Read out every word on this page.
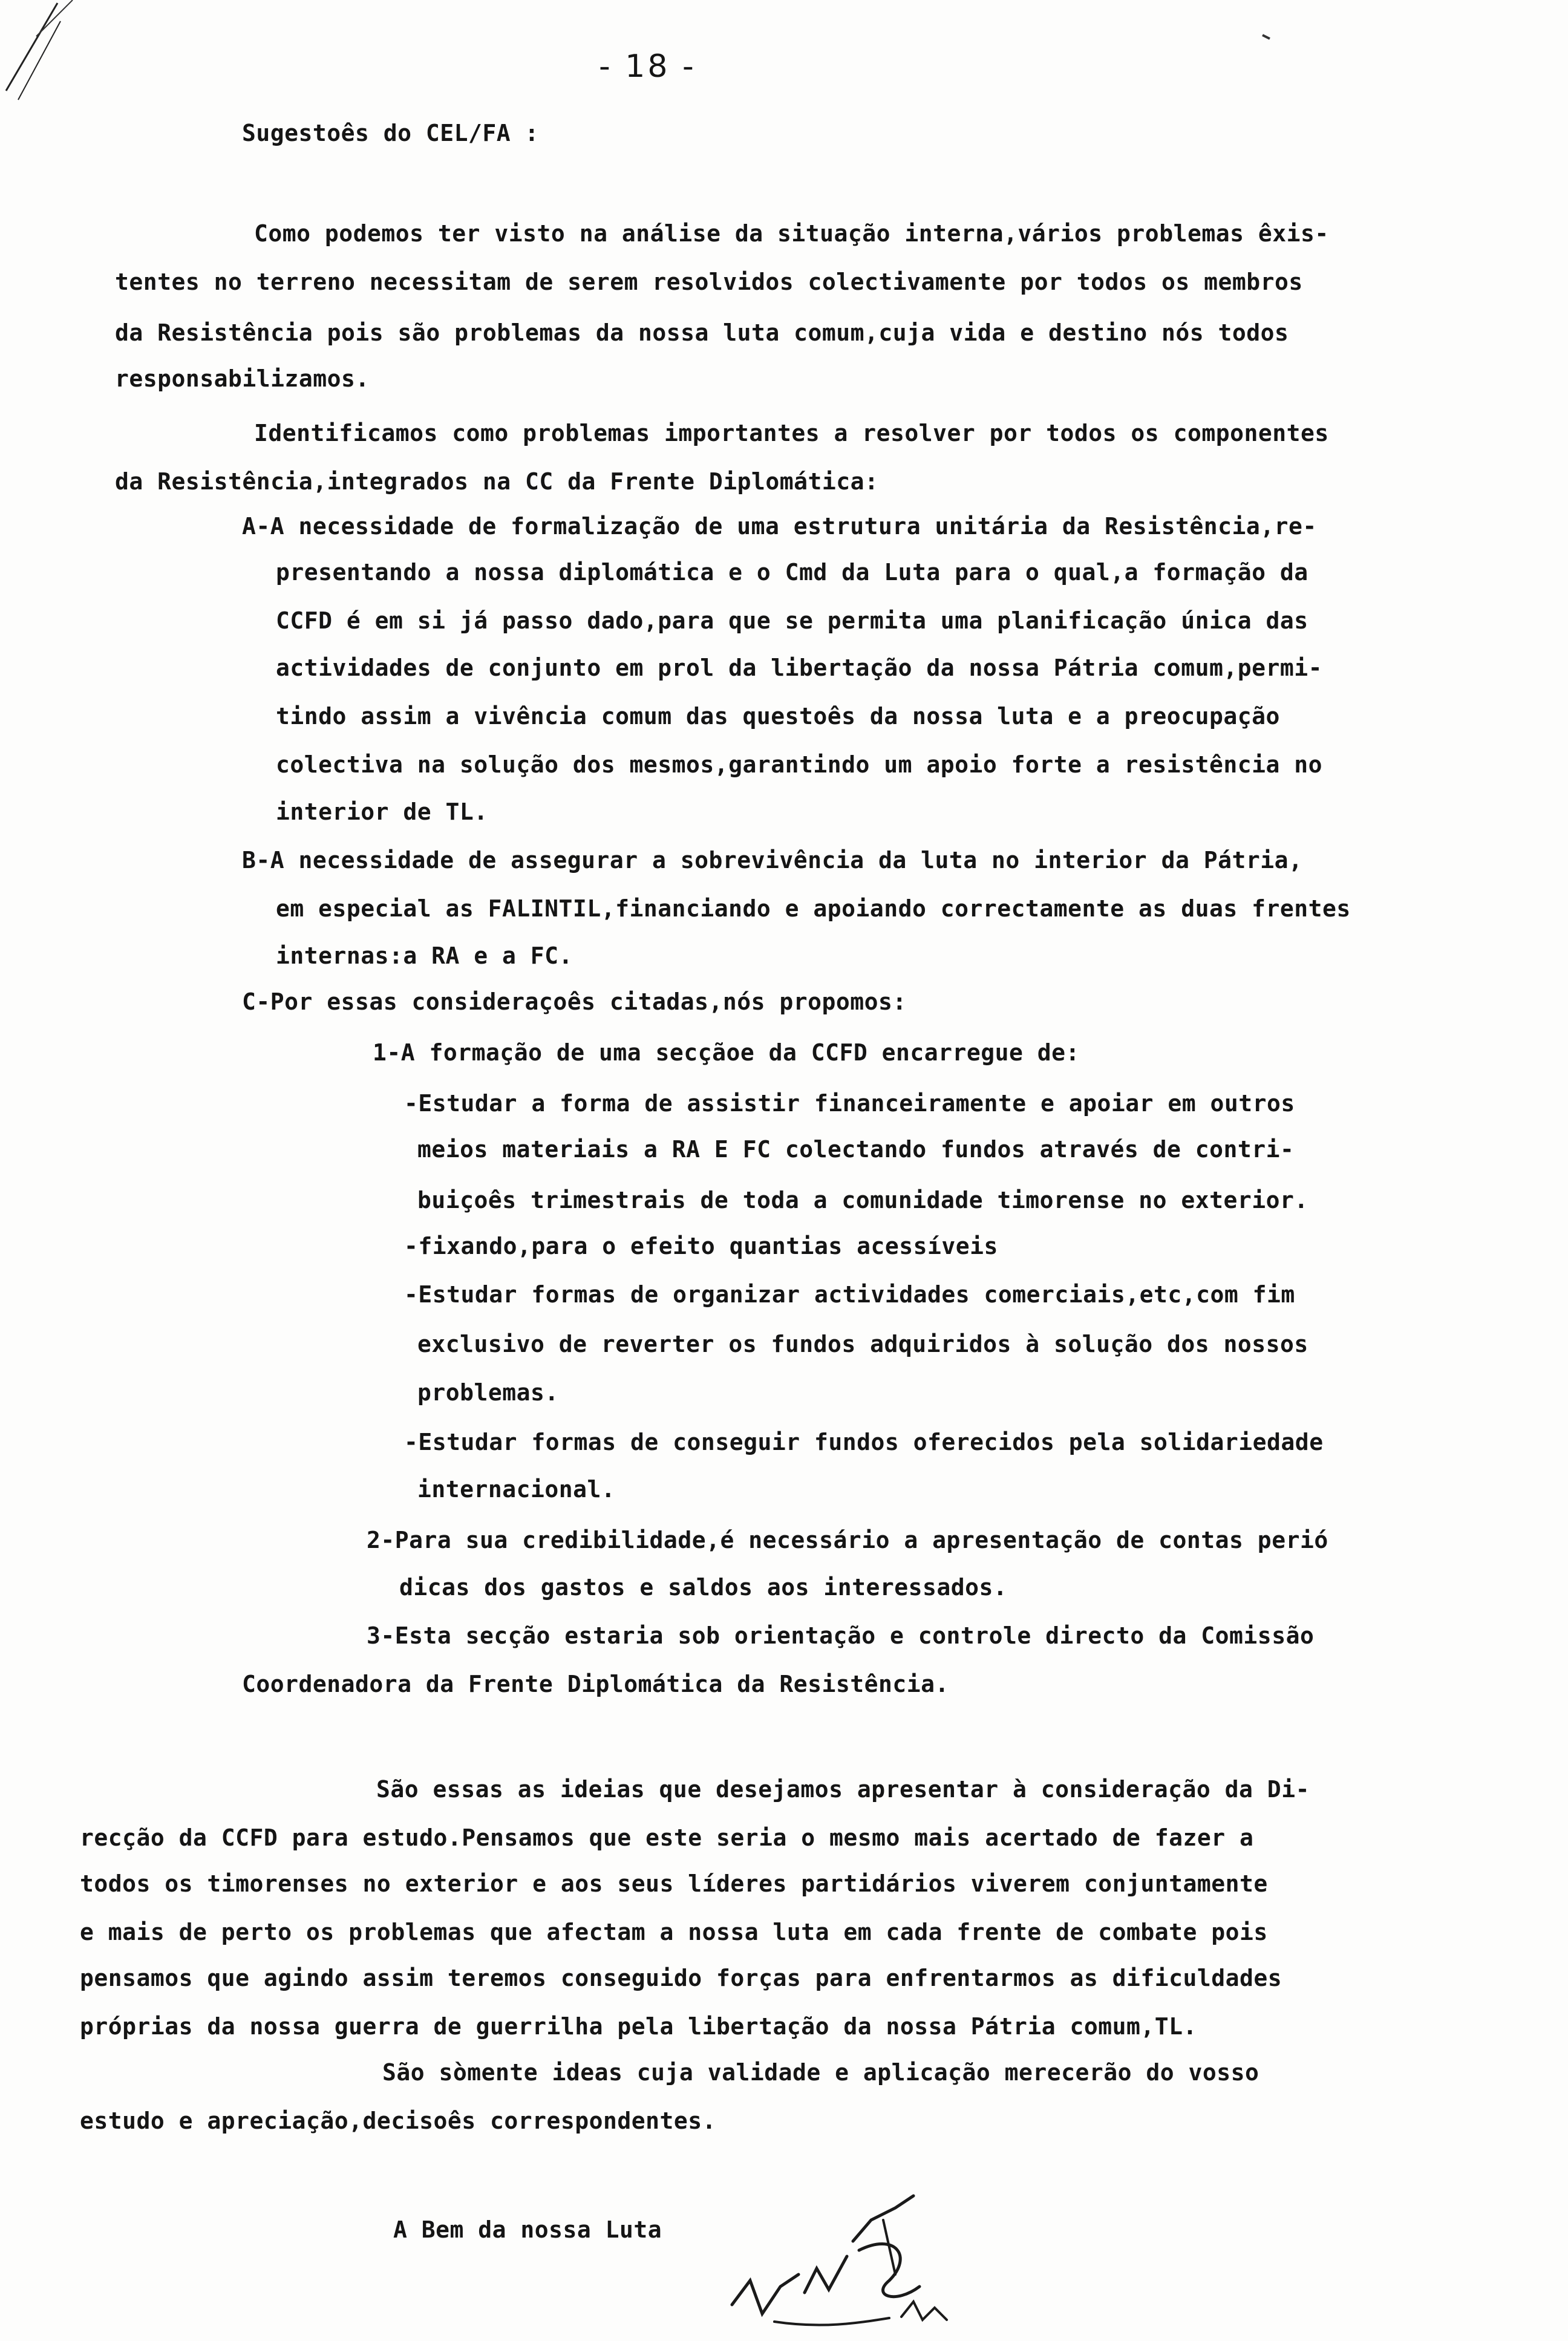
- 18 -
Sugestoês do CEL/FA :
Como podemos ter visto na análise da situação interna,vários problemas êxis-
tentes no terreno necessitam de serem resolvidos colectivamente por todos os membros
da Resistência pois são problemas da nossa luta comum,cuja vida e destino nós todos
responsabilizamos.
Identificamos como problemas importantes a resolver por todos os componentes
da Resistência,integrados na CC da Frente Diplomática:
A-A necessidade de formalização de uma estrutura unitária da Resistência,re-
presentando a nossa diplomática e o Cmd da Luta para o qual,a formação da
CCFD é em si já passo dado,para que se permita uma planificação única das
actividades de conjunto em prol da libertação da nossa Pátria comum,permi-
tindo assim a vivência comum das questoês da nossa luta e a preocupação
colectiva na solução dos mesmos,garantindo um apoio forte a resistência no
interior de TL.
B-A necessidade de assegurar a sobrevivência da luta no interior da Pátria,
em especial as FALINTIL,financiando e apoiando correctamente as duas frentes
internas:a RA e a FC.
C-Por essas consideraçoês citadas,nós propomos:
1-A formação de uma secçãoe da CCFD encarregue de:
-Estudar a forma de assistir financeiramente e apoiar em outros
meios materiais a RA E FC colectando fundos através de contri-
buiçoês trimestrais de toda a comunidade timorense no exterior.
-fixando,para o efeito quantias acessíveis
-Estudar formas de organizar actividades comerciais,etc,com fim
exclusivo de reverter os fundos adquiridos à solução dos nossos
problemas.
-Estudar formas de conseguir fundos oferecidos pela solidariedade
internacional.
2-Para sua credibilidade,é necessário a apresentação de contas perió
dicas dos gastos e saldos aos interessados.
3-Esta secção estaria sob orientação e controle directo da Comissão
Coordenadora da Frente Diplomática da Resistência.
São essas as ideias que desejamos apresentar à consideração da Di-
recção da CCFD para estudo.Pensamos que este seria o mesmo mais acertado de fazer a
todos os timorenses no exterior e aos seus líderes partidários viverem conjuntamente
e mais de perto os problemas que afectam a nossa luta em cada frente de combate pois
pensamos que agindo assim teremos conseguido forças para enfrentarmos as dificuldades
próprias da nossa guerra de guerrilha pela libertação da nossa Pátria comum,TL.
São sòmente ideas cuja validade e aplicação merecerão do vosso
estudo e apreciação,decisoês correspondentes.
A Bem da nossa Luta
